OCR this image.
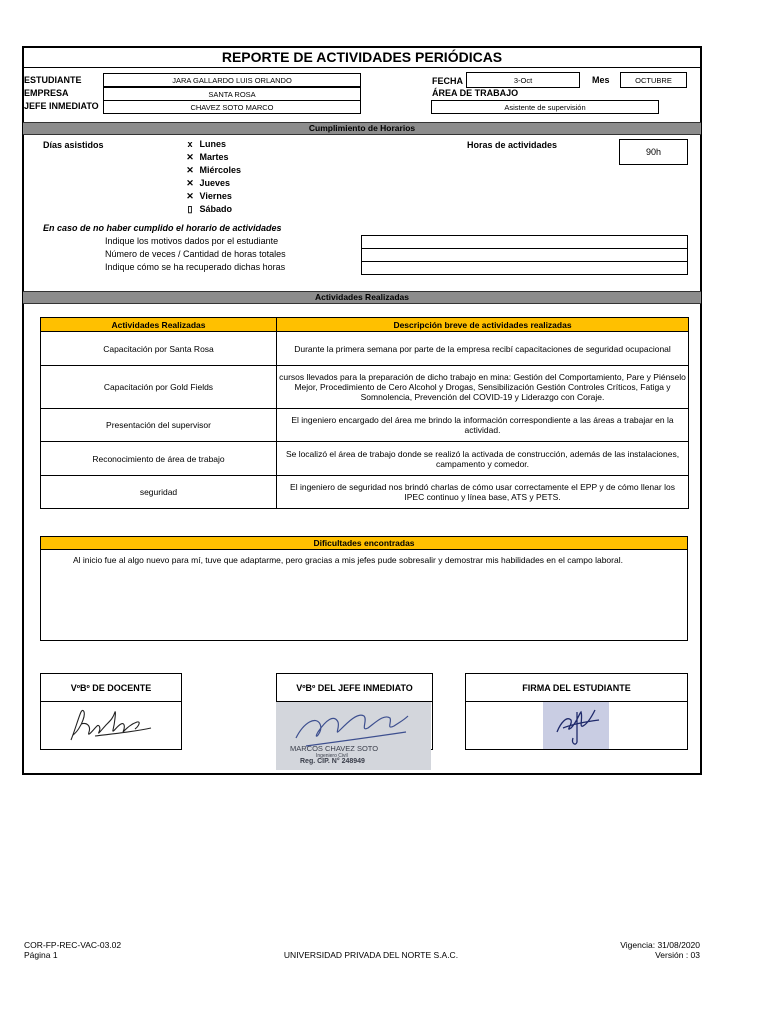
REPORTE DE ACTIVIDADES PERIÓDICAS
ESTUDIANTE	JARA GALLARDO LUIS ORLANDO
EMPRESA	SANTA ROSA
JEFE INMEDIATO	CHAVEZ SOTO MARCO
FECHA	3-Oct	Mes	OCTUBRE
ÁREA DE TRABAJO
Asistente de supervisión
Cumplimiento de Horarios
Días asistidos	x Lunes
✕ Martes
✕ Miércoles
✕ Jueves
✕ Viernes
▯ Sábado
Horas de actividades
90h
En caso de no haber cumplido el horario de actividades
Indique los motivos dados por el estudiante
Número de veces / Cantidad de horas totales
Indique cómo se ha recuperado dichas horas
Actividades Realizadas
Actividades Realizadas	Descripción breve de actividades realizadas
Capacitación por Santa Rosa	Durante la primera semana por parte de la empresa recibí capacitaciones de seguridad ocupacional
Capacitación por Gold Fields	cursos llevados para la preparación de dicho trabajo en mina: Gestión del Comportamiento, Pare y Piénselo Mejor, Procedimiento de Cero Alcohol y Drogas, Sensibilización Gestión Controles Críticos, Fatiga y Somnolencia, Prevención del COVID-19 y Liderazgo con Coraje.
Presentación del supervisor	El ingeniero encargado del área me brindo la información correspondiente a las áreas a trabajar en la actividad.
Reconocimiento de área de trabajo	Se localizó el área de trabajo donde se realizó la activada de construcción, además de las instalaciones, campamento y comedor.
seguridad	El ingeniero de seguridad nos brindó charlas de cómo usar correctamente el EPP y de cómo llenar los IPEC continuo y línea base, ATS y PETS.
Dificultades encontradas
Al inicio fue al algo nuevo para mí, tuve que adaptarme, pero gracias a mis jefes pude sobresalir y demostrar mis habilidades en el campo laboral.
VºBº DE DOCENTE	VºBº DEL JEFE INMEDIATO
MARCOS CHAVEZ SOTO
Ingeniero Civil
Reg. CIP. N° 248949
FIRMA DEL ESTUDIANTE
COR-FP-REC-VAC-03.02
Página 1	UNIVERSIDAD PRIVADA DEL NORTE S.A.C.
Vigencia: 31/08/2020
Versión : 03
